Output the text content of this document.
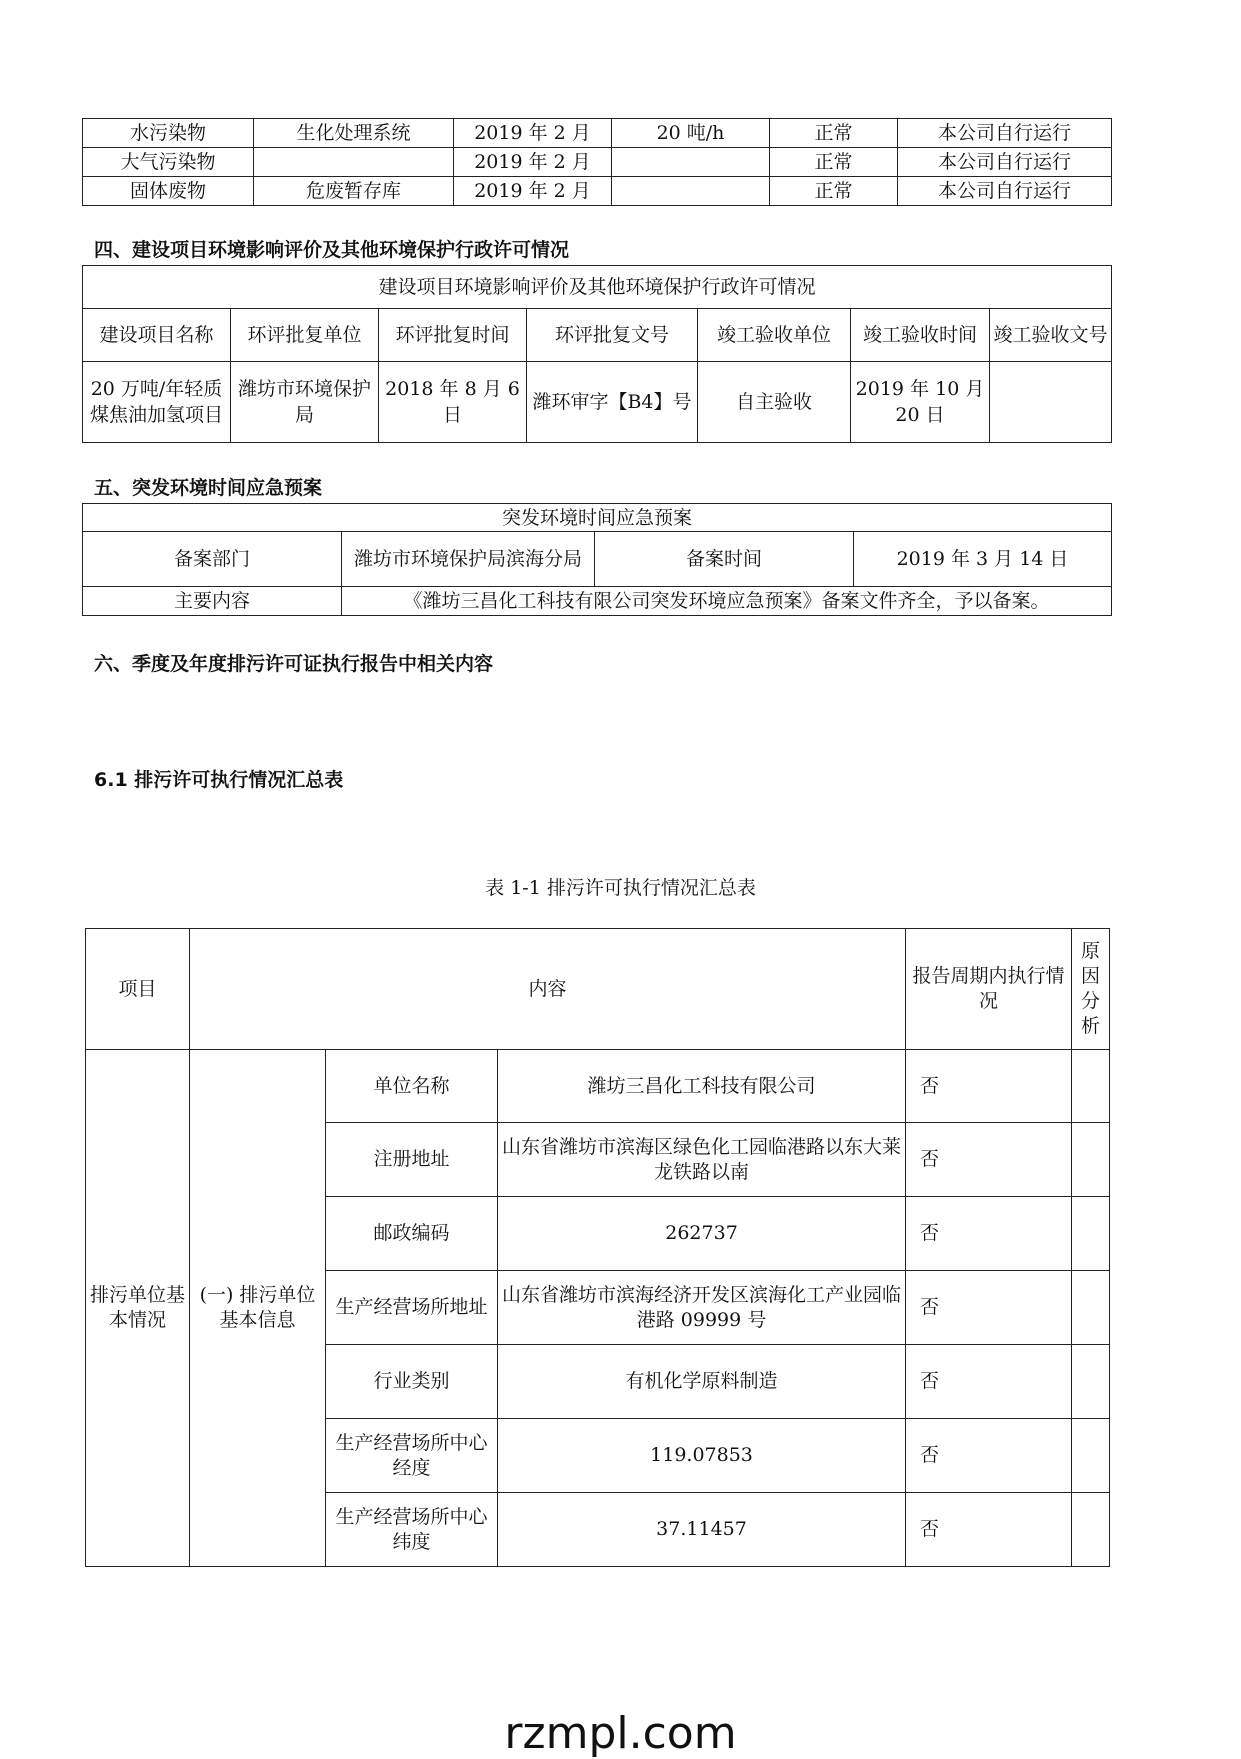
水污染物	生化处理系统	2019 年 2 月	20 吨/h	正常	本公司自行运行
大气污染物		2019 年 2 月		正常	本公司自行运行
固体废物	危废暂存库	2019 年 2 月		正常	本公司自行运行
四、建设项目环境影响评价及其他环境保护行政许可情况
建设项目环境影响评价及其他环境保护行政许可情况						
建设项目名称	环评批复单位	环评批复时间	环评批复文号	竣工验收单位	竣工验收时间	竣工验收文号
20 万吨/年轻质煤焦油加氢项目	潍坊市环境保护局	2018 年 8 月 6 日	潍环审字【B4】号	自主验收	2019 年 10 月 20 日	
五、突发环境时间应急预案
突发环境时间应急预案			
备案部门	潍坊市环境保护局滨海分局	备案时间	2019 年 3 月 14 日
主要内容	《潍坊三昌化工科技有限公司突发环境应急预案》备案文件齐全，予以备案。		
六、季度及年度排污许可证执行报告中相关内容
6.1 排污许可执行情况汇总表
表 1-1 排污许可执行情况汇总表
项目	内容			报告周期内执行情况	原因分析
排污单位基本情况	(一) 排污单位基本信息	单位名称	潍坊三昌化工科技有限公司	否	
		注册地址	山东省潍坊市滨海区绿色化工园临港路以东大莱龙铁路以南	否	
		邮政编码	262737	否	
		生产经营场所地址	山东省潍坊市滨海经济开发区滨海化工产业园临港路 09999 号	否	
		行业类别	有机化学原料制造	否	
		生产经营场所中心经度	119.07853	否	
		生产经营场所中心纬度	37.11457	否	
rzmpl.com
